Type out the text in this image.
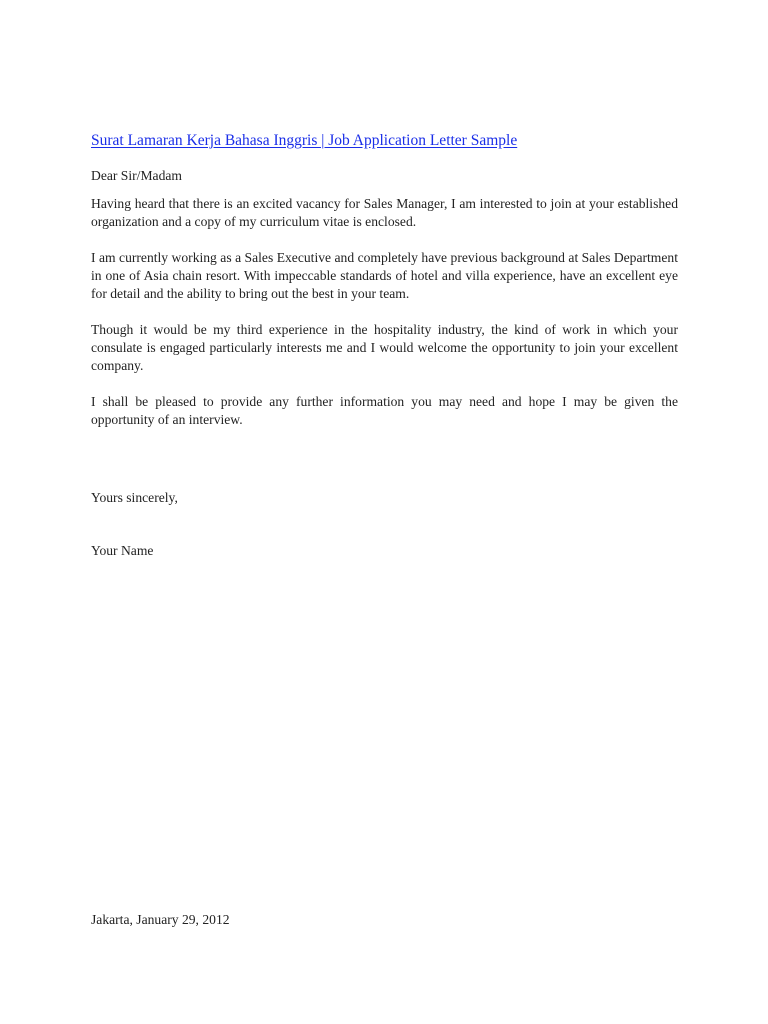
Surat Lamaran Kerja Bahasa Inggris | Job Application Letter Sample
Dear Sir/Madam

Having heard that there is an excited vacancy for Sales Manager, I am interested to join at your established organization and a copy of my curriculum vitae is enclosed.

I am currently working as a Sales Executive and completely have previous background at Sales Department in one of Asia chain resort. With impeccable standards of hotel and villa experience, have an excellent eye for detail and the ability to bring out the best in your team.

Though it would be my third experience in the hospitality industry, the kind of work in which your consulate is engaged particularly interests me and I would welcome the opportunity to join your excellent company.

I shall be pleased to provide any further information you may need and hope I may be given the opportunity of an interview.

Yours sincerely,
Your Name
Jakarta, January 29, 2012
